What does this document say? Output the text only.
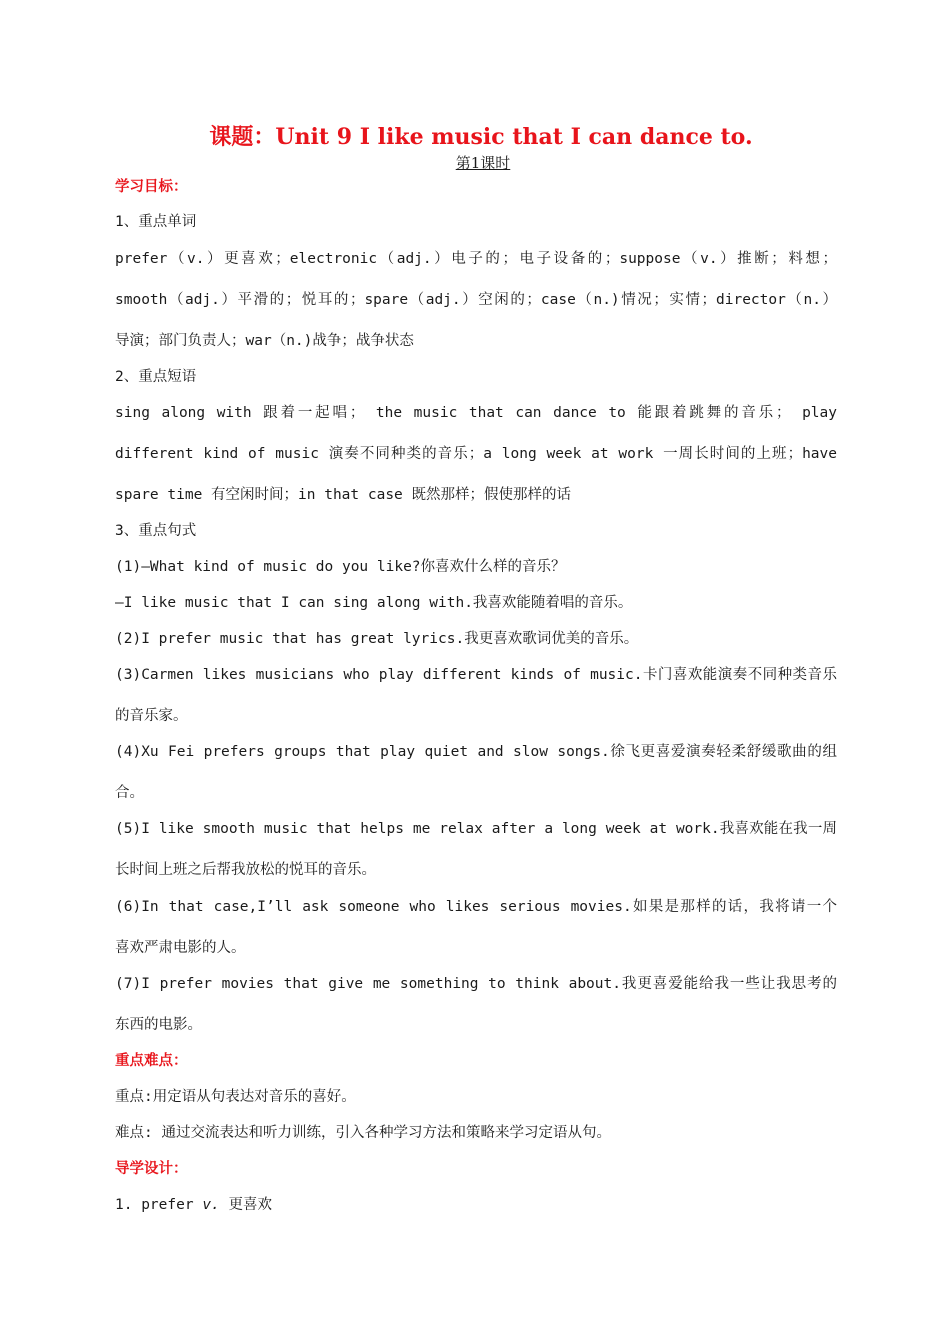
课题：Unit 9 I like music that I can dance to.
第1课时
学习目标：
1、重点单词
prefer（v.）更喜欢；electronic（adj.）电子的；电子设备的；suppose（v.）推断；料想；
smooth（adj.）平滑的；悦耳的；spare（adj.）空闲的；case（n.)情况；实情；director（n.）
导演；部门负责人；war（n.)战争；战争状态
2、重点短语
sing along with 跟着一起唱； the music that can dance to 能跟着跳舞的音乐； play
different kind of music 演奏不同种类的音乐；a long week at work 一周长时间的上班；have
spare time 有空闲时间；in that case 既然那样；假使那样的话
3、重点句式
(1)—What kind of music do you like?你喜欢什么样的音乐？
—I like music that I can sing along with.我喜欢能随着唱的音乐。
(2)I prefer music that has great lyrics.我更喜欢歌词优美的音乐。
(3)Carmen likes musicians who play different kinds of music.卡门喜欢能演奏不同种类音乐
的音乐家。
(4)Xu Fei prefers groups that play quiet and slow songs.徐飞更喜爱演奏轻柔舒缓歌曲的组
合。
(5)I like smooth music that helps me relax after a long week at work.我喜欢能在我一周
长时间上班之后帮我放松的悦耳的音乐。
(6)In that case,I’ll ask someone who likes serious movies.如果是那样的话，我将请一个
喜欢严肃电影的人。
(7)I prefer movies that give me something to think about.我更喜爱能给我一些让我思考的
东西的电影。
重点难点：
重点:用定语从句表达对音乐的喜好。
难点: 通过交流表达和听力训练，引入各种学习方法和策略来学习定语从句。
导学设计：
1. prefer v. 更喜欢
